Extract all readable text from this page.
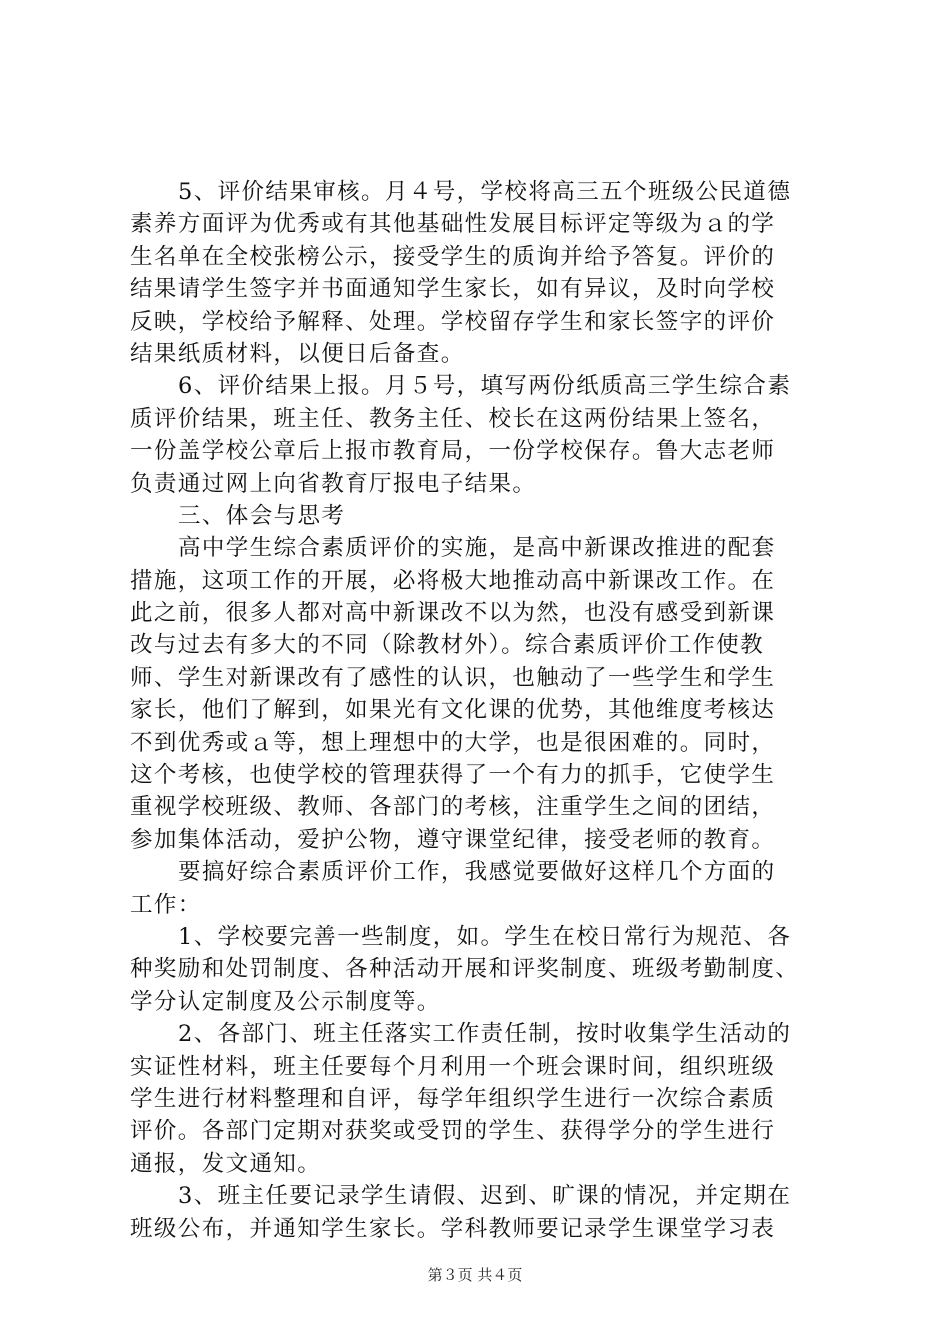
5、评价结果审核。月４号，学校将高三五个班级公民道德
素养方面评为优秀或有其他基础性发展目标评定等级为ａ的学
生名单在全校张榜公示，接受学生的质询并给予答复。评价的
结果请学生签字并书面通知学生家长，如有异议，及时向学校
反映，学校给予解释、处理。学校留存学生和家长签字的评价
结果纸质材料，以便日后备查。
6、评价结果上报。月５号，填写两份纸质高三学生综合素
质评价结果，班主任、教务主任、校长在这两份结果上签名，
一份盖学校公章后上报市教育局，一份学校保存。鲁大志老师
负责通过网上向省教育厅报电子结果。
三、体会与思考
高中学生综合素质评价的实施，是高中新课改推进的配套
措施，这项工作的开展，必将极大地推动高中新课改工作。在
此之前，很多人都对高中新课改不以为然，也没有感受到新课
改与过去有多大的不同（除教材外）。综合素质评价工作使教
师、学生对新课改有了感性的认识，也触动了一些学生和学生
家长，他们了解到，如果光有文化课的优势，其他维度考核达
不到优秀或ａ等，想上理想中的大学，也是很困难的。同时，
这个考核，也使学校的管理获得了一个有力的抓手，它使学生
重视学校班级、教师、各部门的考核，注重学生之间的团结，
参加集体活动，爱护公物，遵守课堂纪律，接受老师的教育。
要搞好综合素质评价工作，我感觉要做好这样几个方面的
工作：
1、学校要完善一些制度，如。学生在校日常行为规范、各
种奖励和处罚制度、各种活动开展和评奖制度、班级考勤制度、
学分认定制度及公示制度等。
2、各部门、班主任落实工作责任制，按时收集学生活动的
实证性材料，班主任要每个月利用一个班会课时间，组织班级
学生进行材料整理和自评，每学年组织学生进行一次综合素质
评价。各部门定期对获奖或受罚的学生、获得学分的学生进行
通报，发文通知。
3、班主任要记录学生请假、迟到、旷课的情况，并定期在
班级公布，并通知学生家长。学科教师要记录学生课堂学习表
第３页 共４页
